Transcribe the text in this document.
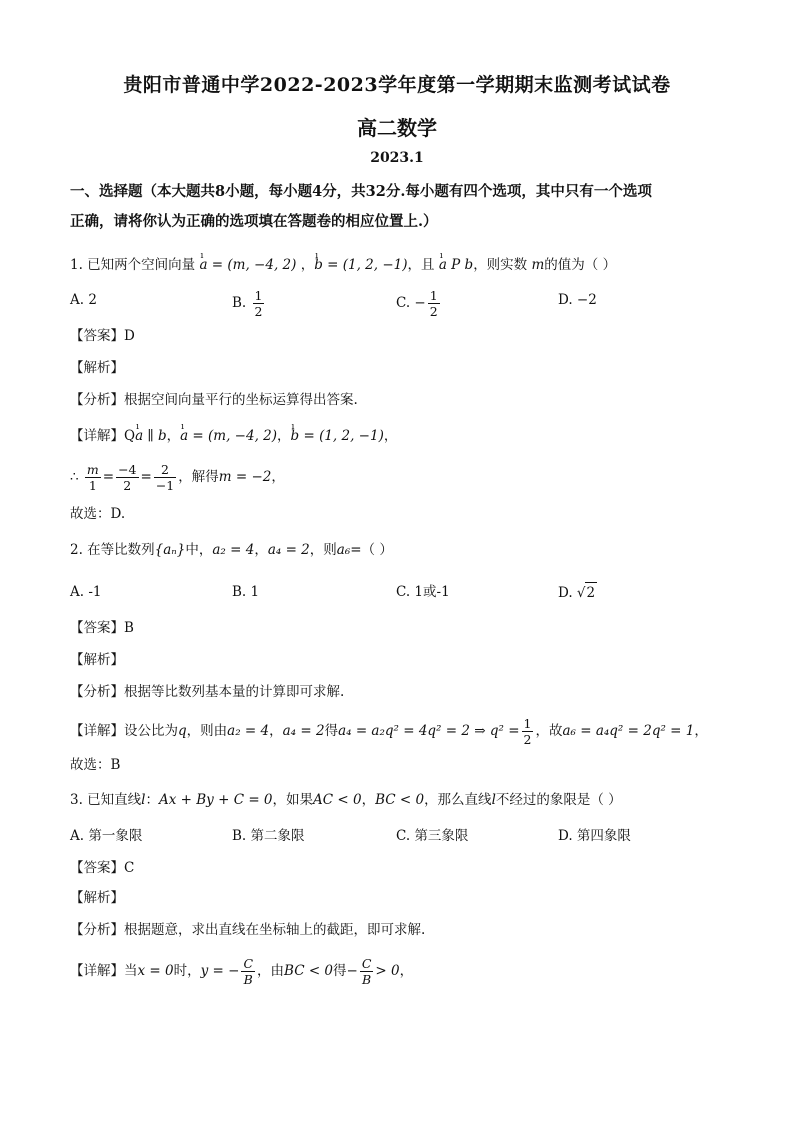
贵阳市普通中学2022-2023学年度第一学期期末监测考试试卷
高二数学
2023.1
一、选择题（本大题共8小题，每小题4分，共32分.每小题有四个选项，其中只有一个选项
正确，请将你认为正确的选项填在答题卷的相应位置上.）
1. 已知两个空间向量 ı a = (m, −4, 2) ，ı b = (1, 2, −1)，且 ı a P b，则实数 m的值为（ ）
A. 2	B. $\frac{1}{2}$	C. − $\frac{1}{2}$	D. −2
【答案】D
【解析】
【分析】根据空间向量平行的坐标运算得出答案.
【详解】Qı a ∥ b，ı a = (m, −4, 2)，ı b = (1, 2, −1)，
∴ $\frac{m}{1} = \frac{-4}{2} = \frac{2}{-1}$ ，解得m = −2，
故选：D.
2. 在等比数列{aₙ}中，a₂ = 4，a₄ = 2，则a₆=（ ）
A. -1	B. 1	C. 1或-1	D. √2
【答案】B
【解析】
【分析】根据等比数列基本量的计算即可求解.
【详解】设公比为q，则由a₂ = 4，a₄ = 2得a₄ = a₂q² = 4q² = 2 ⇒ $q^2 = \frac{1}{2}$ ，故a₆ = a₄q² = 2q² = 1，
故选：B
3. 已知直线l：Ax + By + C = 0，如果AC < 0，BC < 0，那么直线l不经过的象限是（ ）
A. 第一象限	B. 第二象限	C. 第三象限	D. 第四象限
【答案】C
【解析】
【分析】根据题意，求出直线在坐标轴上的截距，即可求解.
【详解】当x = 0时，y = − $\frac{C}{B}$ ，由BC < 0得− $\frac{C}{B} > 0$，
